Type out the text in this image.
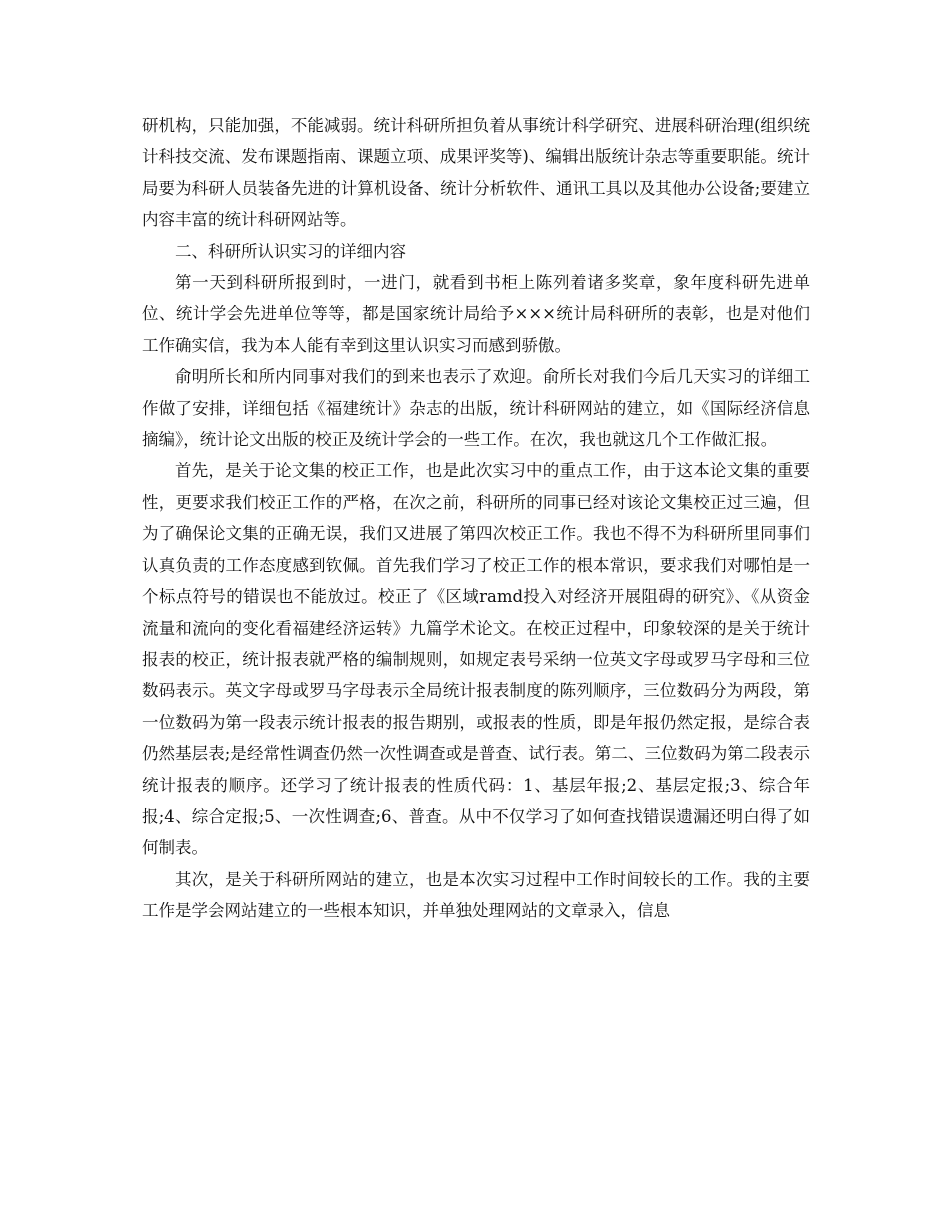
研机构，只能加强，不能减弱。统计科研所担负着从事统计科学研究、进展科研治理(组织统计科技交流、发布课题指南、课题立项、成果评奖等)、编辑出版统计杂志等重要职能。统计局要为科研人员装备先进的计算机设备、统计分析软件、通讯工具以及其他办公设备;要建立内容丰富的统计科研网站等。

二、科研所认识实习的详细内容

第一天到科研所报到时，一进门，就看到书柜上陈列着诸多奖章，象年度科研先进单位、统计学会先进单位等等，都是国家统计局给予×××统计局科研所的表彰，也是对他们工作确实信，我为本人能有幸到这里认识实习而感到骄傲。

俞明所长和所内同事对我们的到来也表示了欢迎。俞所长对我们今后几天实习的详细工作做了安排，详细包括《福建统计》杂志的出版，统计科研网站的建立，如《国际经济信息摘编》，统计论文出版的校正及统计学会的一些工作。在次，我也就这几个工作做汇报。

首先，是关于论文集的校正工作，也是此次实习中的重点工作，由于这本论文集的重要性，更要求我们校正工作的严格，在次之前，科研所的同事已经对该论文集校正过三遍，但为了确保论文集的正确无误，我们又进展了第四次校正工作。我也不得不为科研所里同事们认真负责的工作态度感到钦佩。首先我们学习了校正工作的根本常识，要求我们对哪怕是一个标点符号的错误也不能放过。校正了《区域ramd投入对经济开展阻碍的研究》、《从资金流量和流向的变化看福建经济运转》九篇学术论文。在校正过程中，印象较深的是关于统计报表的校正，统计报表就严格的编制规则，如规定表号采纳一位英文字母或罗马字母和三位数码表示。英文字母或罗马字母表示全局统计报表制度的陈列顺序，三位数码分为两段，第一位数码为第一段表示统计报表的报告期别，或报表的性质，即是年报仍然定报，是综合表仍然基层表;是经常性调查仍然一次性调查或是普查、试行表。第二、三位数码为第二段表示统计报表的顺序。还学习了统计报表的性质代码：1、基层年报;2、基层定报;3、综合年报;4、综合定报;5、一次性调查;6、普查。从中不仅学习了如何查找错误遗漏还明白得了如何制表。

其次，是关于科研所网站的建立，也是本次实习过程中工作时间较长的工作。我的主要工作是学会网站建立的一些根本知识，并单独处理网站的文章录入，信息
